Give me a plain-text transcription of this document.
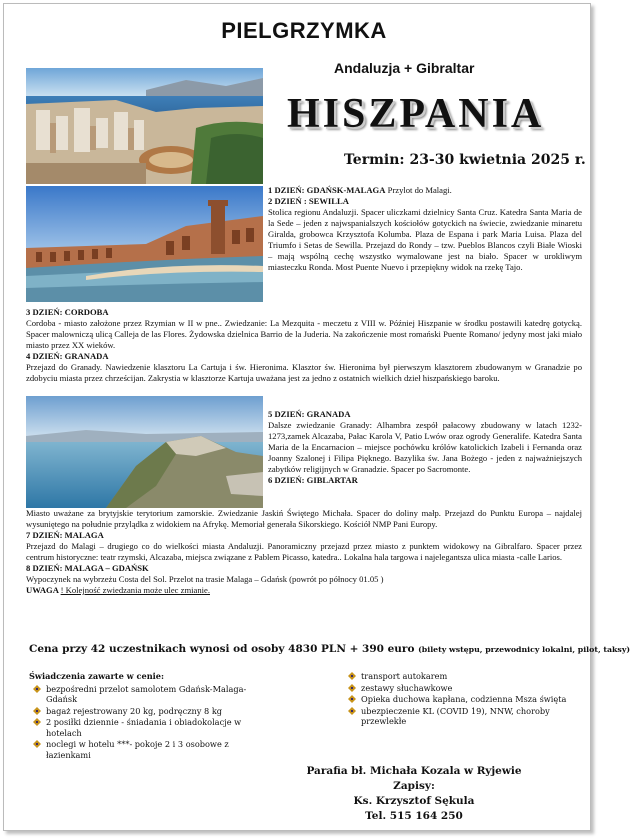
PIELGRZYMKA
Andaluzja + Gibraltar
HISZPANIA
Termin: 23-30 kwietnia 2025 r.

1 DZIEŃ: GDAŃSK-MALAGA Przylot do Malagi.

2 DZIEŃ : SEWILLA

Stolica regionu Andaluzji. Spacer uliczkami dzielnicy Santa Cruz. Katedra Santa Maria de la Sede – jeden z najwspanialszych kościołów gotyckich na świecie, zwiedzanie minaretu Giralda, grobowca Krzysztofa Kolumba. Plaza de Espana i park Maria Luisa. Plaza del Triumfo i Setas de Sewilla. Przejazd do Rondy – tzw. Pueblos Blancos czyli Białe Wioski – mają wspólną cechę wszystko wymalowane jest na biało. Spacer w urokliwym miasteczku Ronda. Most Puente Nuevo i przepiękny widok na rzekę Tajo.

3 DZIEŃ: CORDOBA

Cordoba - miasto założone przez Rzymian w II w pne.. Zwiedzanie: La Mezquita - meczetu z VIII w. Później Hiszpanie w środku postawili katedrę gotycką. Spacer malowniczą ulicą Calleja de las Flores. Żydowska dzielnica Barrio de la Juderia. Na zakończenie most romański Puente Romano/ jedyny most jaki miało miasto przez XX wieków.

4 DZIEŃ: GRANADA

Przejazd do Granady. Nawiedzenie klasztoru La Cartuja i św. Hieronima. Klasztor św. Hieronima był pierwszym klasztorem zbudowanym w Granadzie po zdobyciu miasta przez chrześcijan. Zakrystia w klasztorze Kartuja uważana jest za jedno z ostatnich wielkich dzieł hiszpańskiego baroku.

5 DZIEŃ: GRANADA

Dalsze zwiedzanie Granady: Alhambra zespół pałacowy zbudowany w latach 1232- 1273,zamek Alcazaba, Pałac Karola V, Patio Lwów oraz ogrody Generalife. Katedra Santa Maria de la Encarnacion – miejsce pochówku królów katolickich Izabeli i Fernanda oraz Joanny Szalonej i Filipa Pięknego. Bazylika św. Jana Bożego - jeden z najważniejszych zabytków religijnych w Granadzie. Spacer po Sacromonte.

6 DZIEŃ: GIBLARTAR

Miasto uważane za brytyjskie terytorium zamorskie. Zwiedzanie Jaskiń Świętego Michała. Spacer do doliny małp. Przejazd do Punktu Europa – najdalej wysuniętego na południe przylądka z widokiem na Afrykę. Memoriał generała Sikorskiego. Kościół NMP Pani Europy.

7 DZIEŃ: MALAGA

Przejazd do Malagi – drugiego co do wielkości miasta Andaluzji. Panoramiczny przejazd przez miasto z punktem widokowy na Gibralfaro. Spacer przez centrum historyczne: teatr rzymski, Alcazaba, miejsca związane z Pablem Picasso, katedra.. Lokalna hala targowa i najelegantsza ulica miasta -calle Larios.

8 DZIEŃ: MALAGA – GDAŃSK

Wypoczynek na wybrzeżu Costa del Sol. Przelot na trasie Malaga – Gdańsk (powrót po północy 01.05 )

UWAGA ! Kolejność zwiedzania może ulec zmianie.

Cena przy 42 uczestnikach wynosi od osoby 4830 PLN + 390 euro (bilety wstępu, przewodnicy lokalni, pilot, taksy)
Świadczenia zawarte w cenie:
bezpośredni przelot samolotem Gdańsk-Malaga- Gdańsk
bagaż rejestrowany 20 kg, podręczny 8 kg
2 posiłki dziennie - śniadania i obiadokolacje w hotelach
noclegi w hotelu ***- pokoje 2 i 3 osobowe z łazienkami
transport autokarem
zestawy słuchawkowe
Opieka duchowa kapłana, codzienna Msza święta
ubezpieczenie KL (COVID 19), NNW, choroby przewlekłe
Parafia bł. Michała Kozala w Ryjewie
Zapisy:
Ks. Krzysztof Sękula
Tel. 515 164 250
